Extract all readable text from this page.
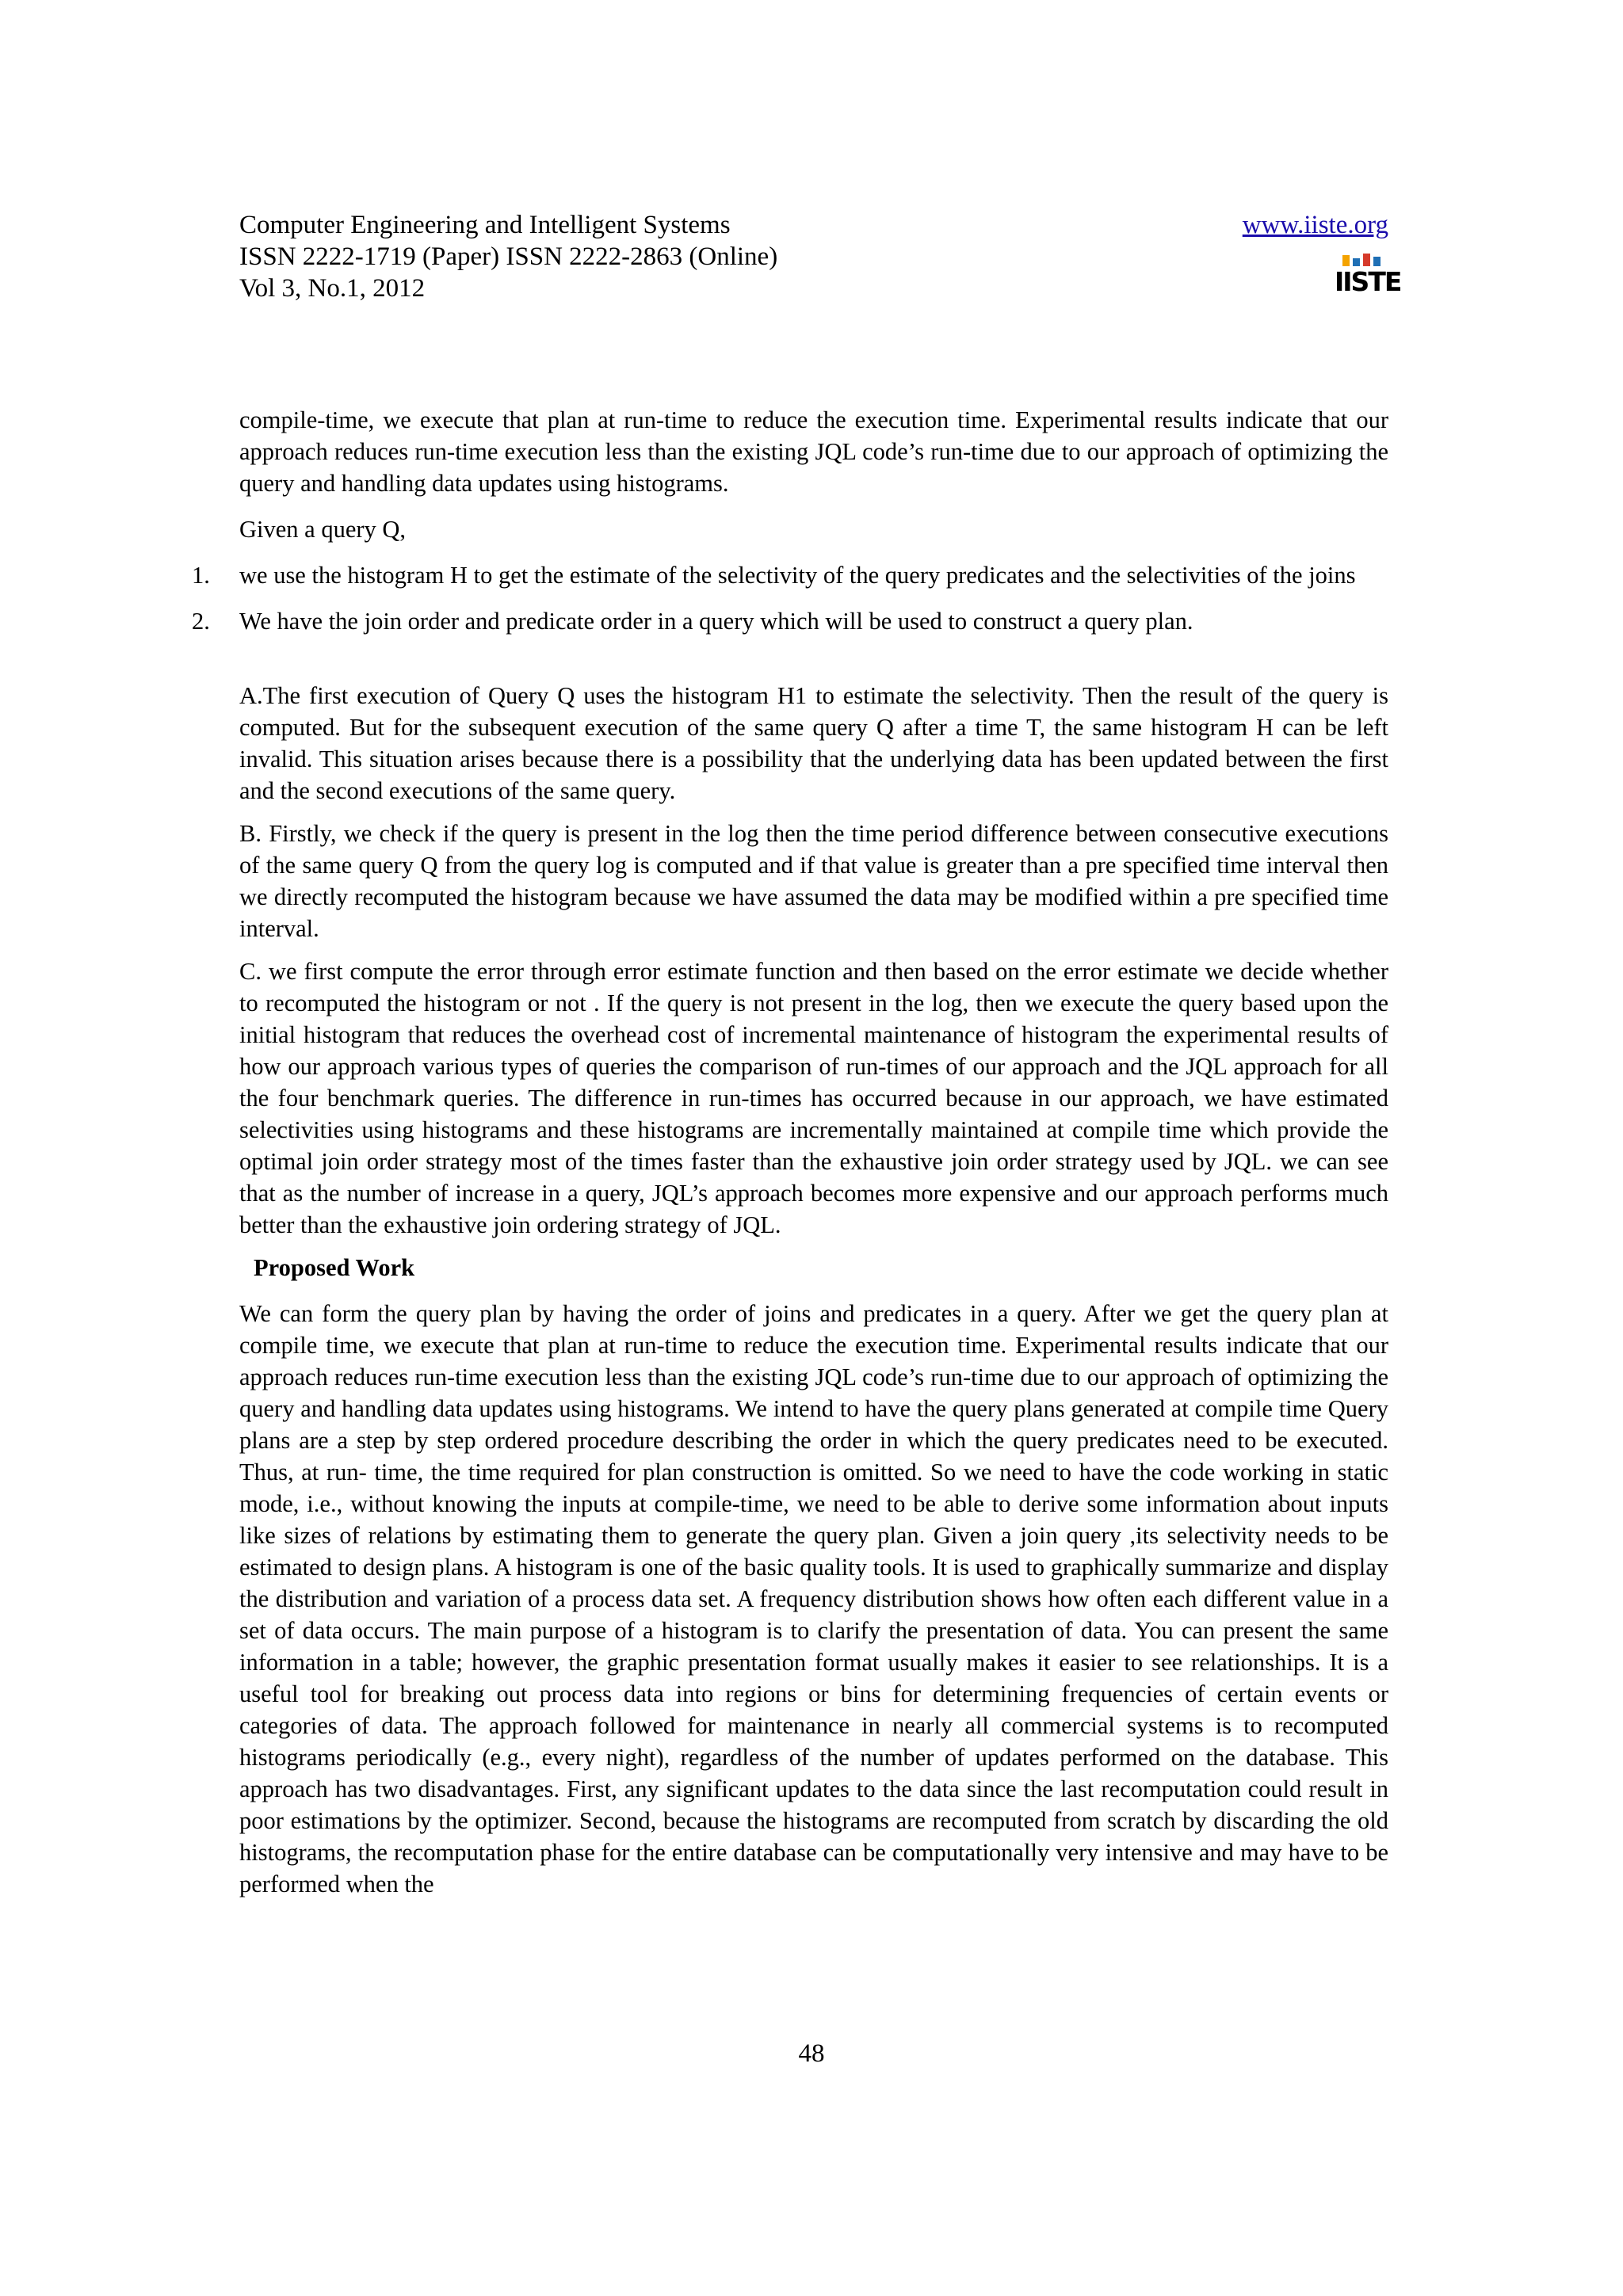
Computer Engineering and Intelligent Systems
ISSN 2222-1719 (Paper) ISSN 2222-2863 (Online)
Vol 3, No.1, 2012
www.iiste.org
IISTE

compile-time, we execute that plan at run-time to reduce the execution time. Experimental results indicate that our approach reduces run-time execution less than the existing JQL code’s run-time due to our approach of optimizing the query and handling data updates using histograms.

Given a query Q,

1. we use the histogram H to get the estimate of the selectivity of the query predicates and the selectivities of the joins

2. We have the join order and predicate order in a query which will be used to construct a query plan.

A.The first execution of Query Q uses the histogram H1 to estimate the selectivity. Then the result of the query is computed. But for the subsequent execution of the same query Q after a time T, the same histogram H can be left invalid. This situation arises because there is a possibility that the underlying data has been updated between the first and the second executions of the same query.

B. Firstly, we check if the query is present in the log then the time period difference between consecutive executions of the same query Q from the query log is computed and if that value is greater than a pre specified time interval then we directly recomputed the histogram because we have assumed the data may be modified within a pre specified time interval.

C. we first compute the error through error estimate function and then based on the error estimate we decide whether to recomputed the histogram or not . If the query is not present in the log, then we execute the query based upon the initial histogram that reduces the overhead cost of incremental maintenance of histogram the experimental results of how our approach various types of queries the comparison of run-times of our approach and the JQL approach for all the four benchmark queries. The difference in run-times has occurred because in our approach, we have estimated selectivities using histograms and these histograms are incrementally maintained at compile time which provide the optimal join order strategy most of the times faster than the exhaustive join order strategy used by JQL. we can see that as the number of increase in a query, JQL’s approach becomes more expensive and our approach performs much better than the exhaustive join ordering strategy of JQL.

Proposed Work

We can form the query plan by having the order of joins and predicates in a query. After we get the query plan at compile time, we execute that plan at run-time to reduce the execution time. Experimental results indicate that our approach reduces run-time execution less than the existing JQL code’s run-time due to our approach of optimizing the query and handling data updates using histograms. We intend to have the query plans generated at compile time Query plans are a step by step ordered procedure describing the order in which the query predicates need to be executed. Thus, at run- time, the time required for plan construction is omitted. So we need to have the code working in static mode, i.e., without knowing the inputs at compile-time, we need to be able to derive some information about inputs like sizes of relations by estimating them to generate the query plan. Given a join query ,its selectivity needs to be estimated to design plans. A histogram is one of the basic quality tools. It is used to graphically summarize and display the distribution and variation of a process data set. A frequency distribution shows how often each different value in a set of data occurs. The main purpose of a histogram is to clarify the presentation of data. You can present the same information in a table; however, the graphic presentation format usually makes it easier to see relationships. It is a useful tool for breaking out process data into regions or bins for determining frequencies of certain events or categories of data. The approach followed for maintenance in nearly all commercial systems is to recomputed histograms periodically (e.g., every night), regardless of the number of updates performed on the database. This approach has two disadvantages. First, any significant updates to the data since the last recomputation could result in poor estimations by the optimizer. Second, because the histograms are recomputed from scratch by discarding the old histograms, the recomputation phase for the entire database can be computationally very intensive and may have to be performed when the

48
